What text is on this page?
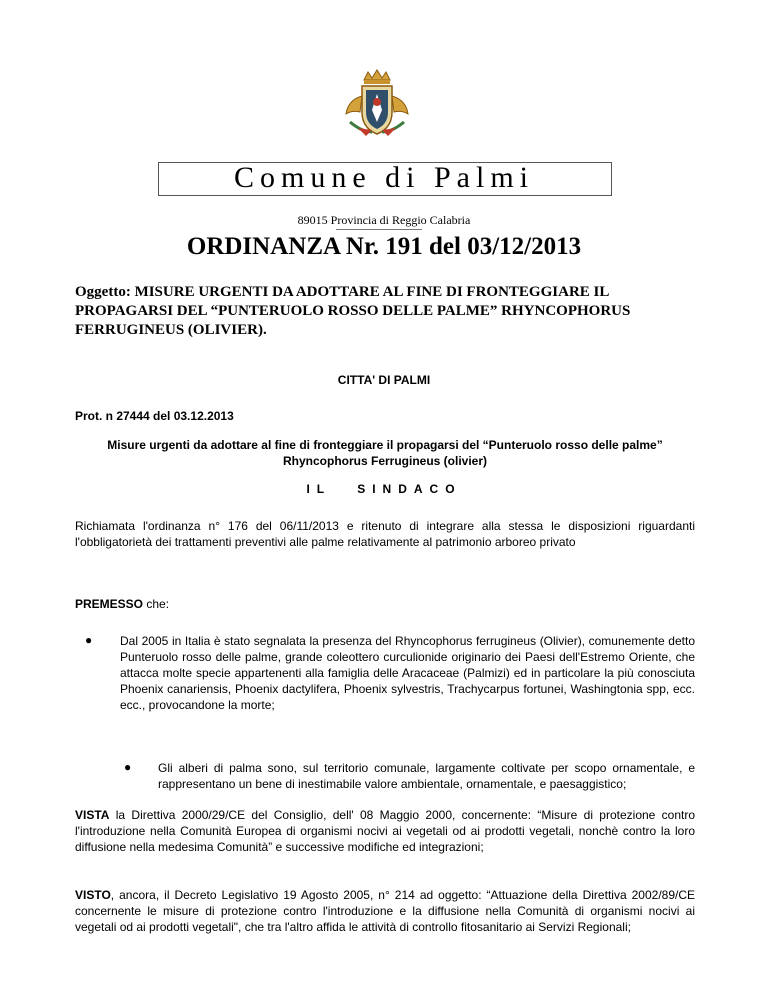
Comune di Palmi
89015 Provincia di Reggio Calabria
ORDINANZA Nr. 191 del 03/12/2013
Oggetto: MISURE URGENTI DA ADOTTARE AL FINE DI FRONTEGGIARE IL PROPAGARSI DEL “PUNTERUOLO ROSSO DELLE PALME” RHYNCOPHORUS FERRUGINEUS (OLIVIER).
CITTA' DI PALMI
Prot. n 27444 del 03.12.2013
Misure urgenti da adottare al fine di fronteggiare il propagarsi del “Punteruolo rosso delle palme” Rhyncophorus Ferrugineus (olivier)
IL SINDACO
Richiamata l'ordinanza n° 176 del 06/11/2013 e ritenuto di integrare alla stessa le disposizioni riguardanti l'obbligatorietà dei trattamenti preventivi alle palme relativamente al patrimonio arboreo privato
PREMESSO che:
● Dal 2005 in Italia è stato segnalata la presenza del Rhyncophorus ferrugineus (Olivier), comunemente detto Punteruolo rosso delle palme, grande coleottero curculionide originario dei Paesi dell'Estremo Oriente, che attacca molte specie appartenenti alla famiglia delle Aracaceae (Palmizi) ed in particolare la più conosciuta Phoenix canariensis, Phoenix dactylifera, Phoenix sylvestris, Trachycarpus fortunei, Washingtonia spp, ecc. ecc., provocandone la morte;
● Gli alberi di palma sono, sul territorio comunale, largamente coltivate per scopo ornamentale, e rappresentano un bene di inestimabile valore ambientale, ornamentale, e paesaggistico;
VISTA la Direttiva 2000/29/CE del Consiglio, dell' 08 Maggio 2000, concernente: “Misure di protezione contro l'introduzione nella Comunità Europea di organismi nocivi ai vegetali od ai prodotti vegetali, nonchè contro la loro diffusione nella medesima Comunità” e successive modifiche ed integrazioni;
VISTO, ancora, il Decreto Legislativo 19 Agosto 2005, n° 214 ad oggetto: “Attuazione della Direttiva 2002/89/CE concernente le misure di protezione contro l'introduzione e la diffusione nella Comunità di organismi nocivi ai vegetali od ai prodotti vegetali", che tra l'altro affida le attività di controllo fitosanitario ai Servizi Regionali;
